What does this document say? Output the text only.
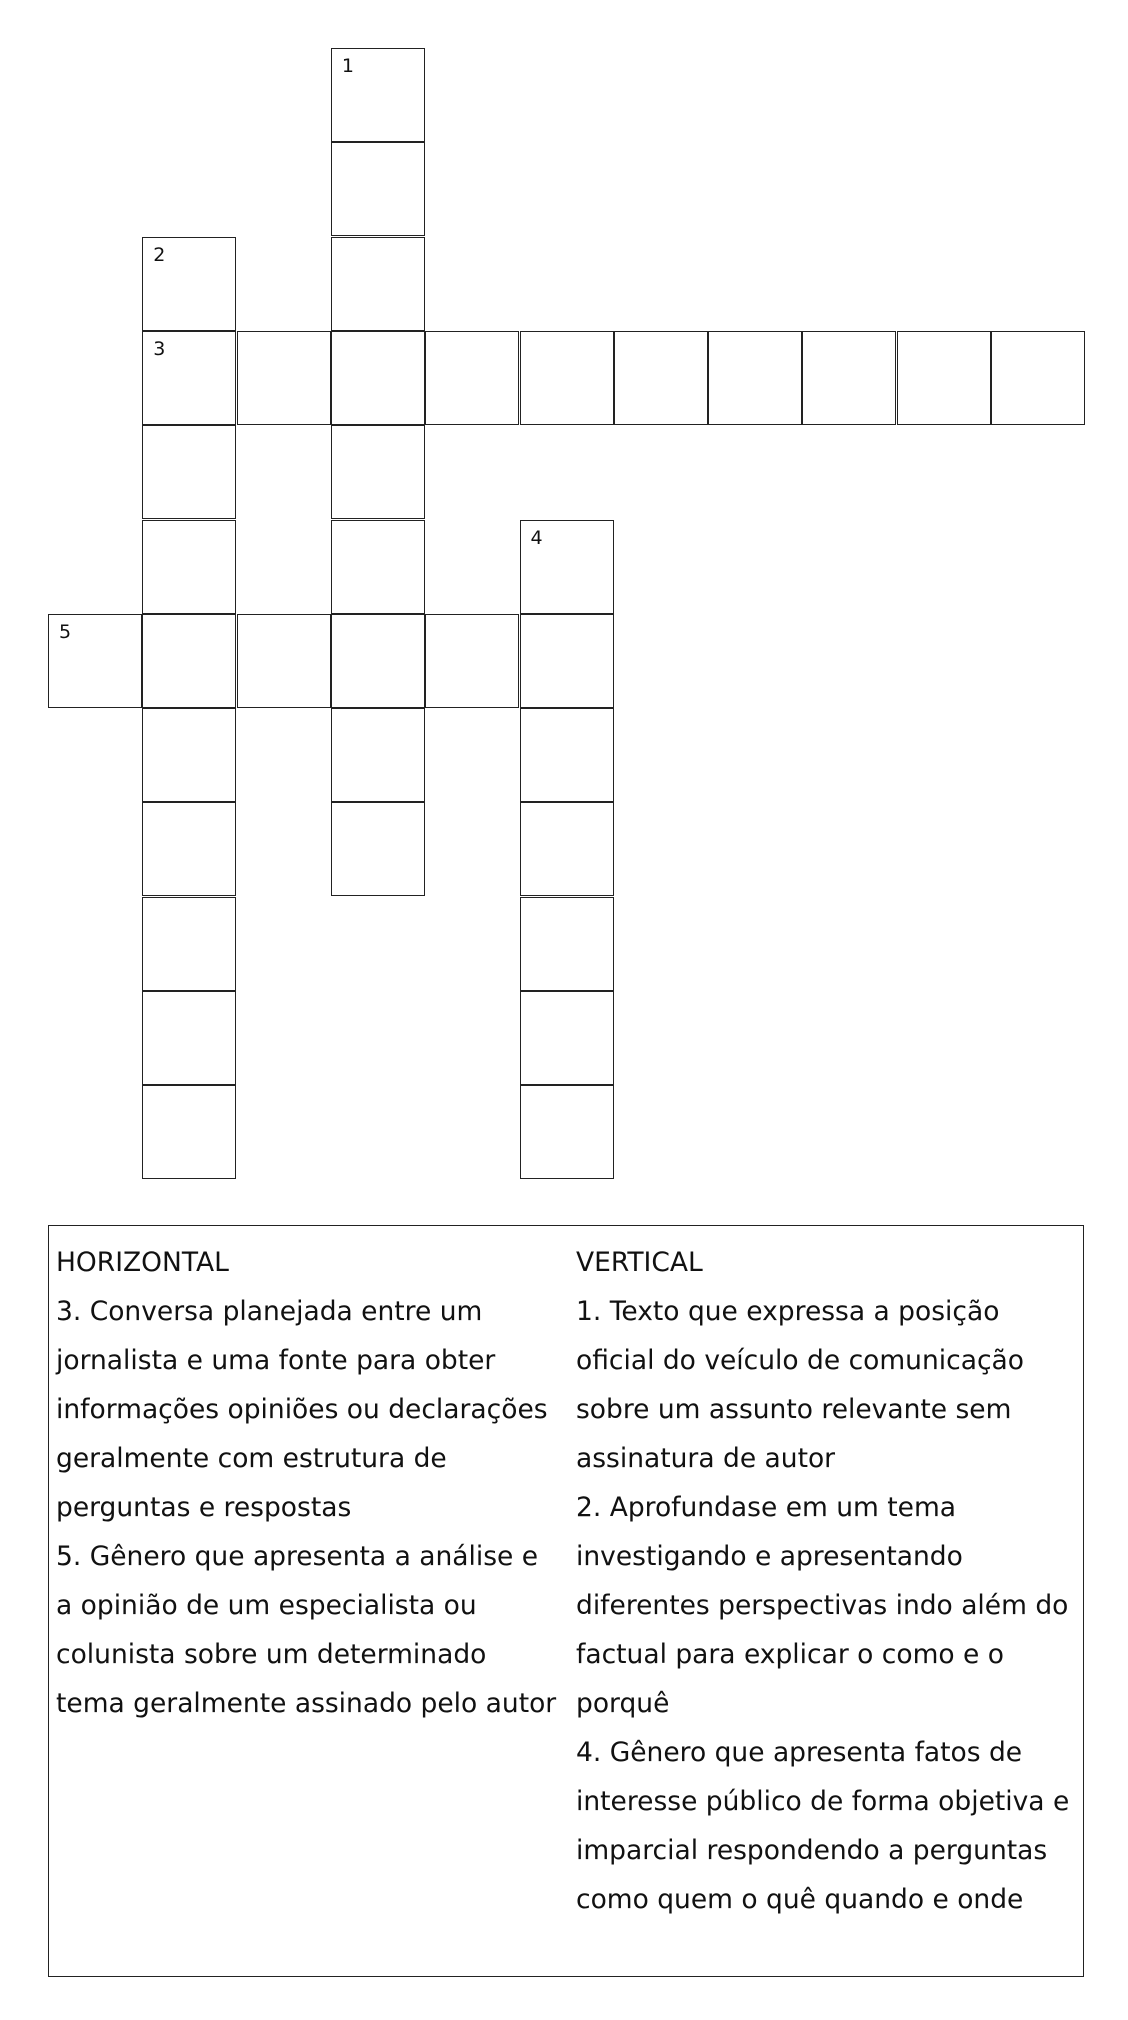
1
2
3
4
5
HORIZONTAL
3. Conversa planejada entre um
jornalista e uma fonte para obter
informações opiniões ou declarações
geralmente com estrutura de
perguntas e respostas
5. Gênero que apresenta a análise e
a opinião de um especialista ou
colunista sobre um determinado
tema geralmente assinado pelo autor
VERTICAL
1. Texto que expressa a posição
oficial do veículo de comunicação
sobre um assunto relevante sem
assinatura de autor
2. Aprofundase em um tema
investigando e apresentando
diferentes perspectivas indo além do
factual para explicar o como e o
porquê
4. Gênero que apresenta fatos de
interesse público de forma objetiva e
imparcial respondendo a perguntas
como quem o quê quando e onde
